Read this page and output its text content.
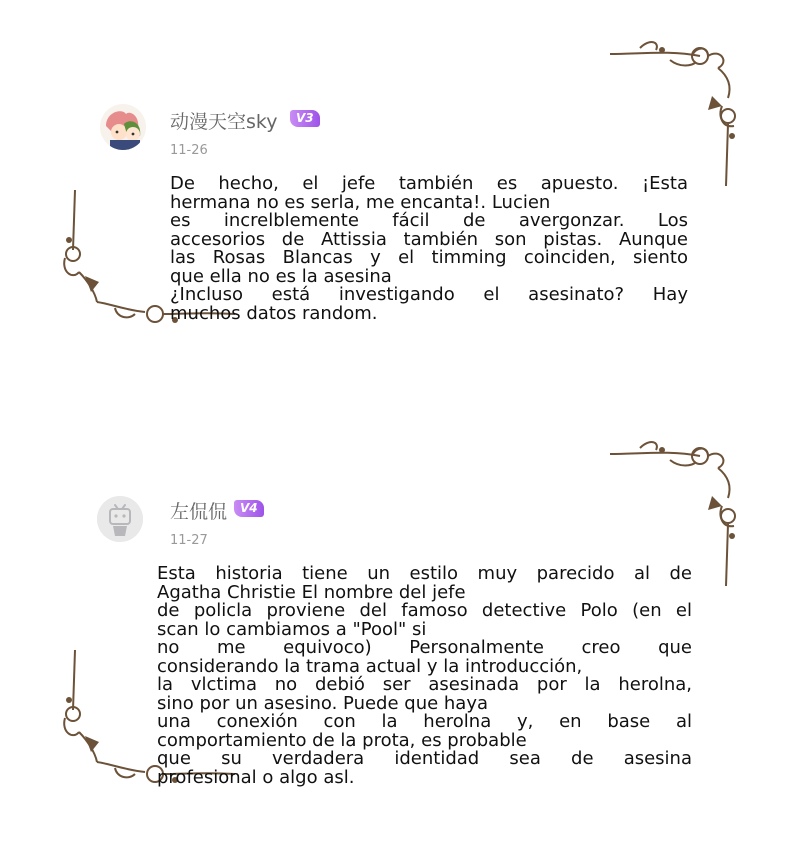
动漫天空sky	V3
11-26
De hecho, el jefe también es apuesto. ¡Esta
hermana no es serla, me encanta!. Lucien
es increlblemente fácil de avergonzar. Los
accesorios de Attissia también son pistas. Aunque
las Rosas Blancas y el timming coinciden, siento
que ella no es la asesina
¿Incluso está investigando el asesinato? Hay
muchos datos random.
左侃侃	V4
11-27
Esta historia tiene un estilo muy parecido al de
Agatha Christie El nombre del jefe
de policla proviene del famoso detective Polo (en el
scan lo cambiamos a "Pool" si
no me equivoco) Personalmente creo que
considerando la trama actual y la introducción,
la vlctima no debió ser asesinada por la herolna,
sino por un asesino. Puede que haya
una conexión con la herolna y, en base al
comportamiento de la prota, es probable
que su verdadera identidad sea de asesina
profesional o algo asl.
